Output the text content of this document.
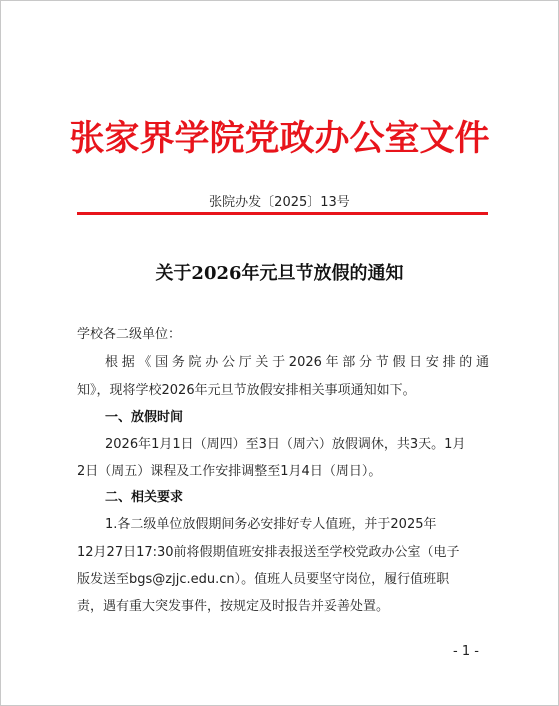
张家界学院党政办公室文件
张院办发〔2025〕13号
关于2026年元旦节放假的通知
学校各二级单位：
根据《国务院办公厅关于2026年部分节假日安排的通
知》，现将学校2026年元旦节放假安排相关事项通知如下。
一、放假时间
2026年1月1日（周四）至3日（周六）放假调休，共3天。1月
2日（周五）课程及工作安排调整至1月4日（周日）。
二、相关要求
1.各二级单位放假期间务必安排好专人值班，并于2025年
12月27日17:30前将假期值班安排表报送至学校党政办公室（电子
版发送至bgs@zjjc.edu.cn）。值班人员要坚守岗位，履行值班职
责，遇有重大突发事件，按规定及时报告并妥善处置。
- 1 -
